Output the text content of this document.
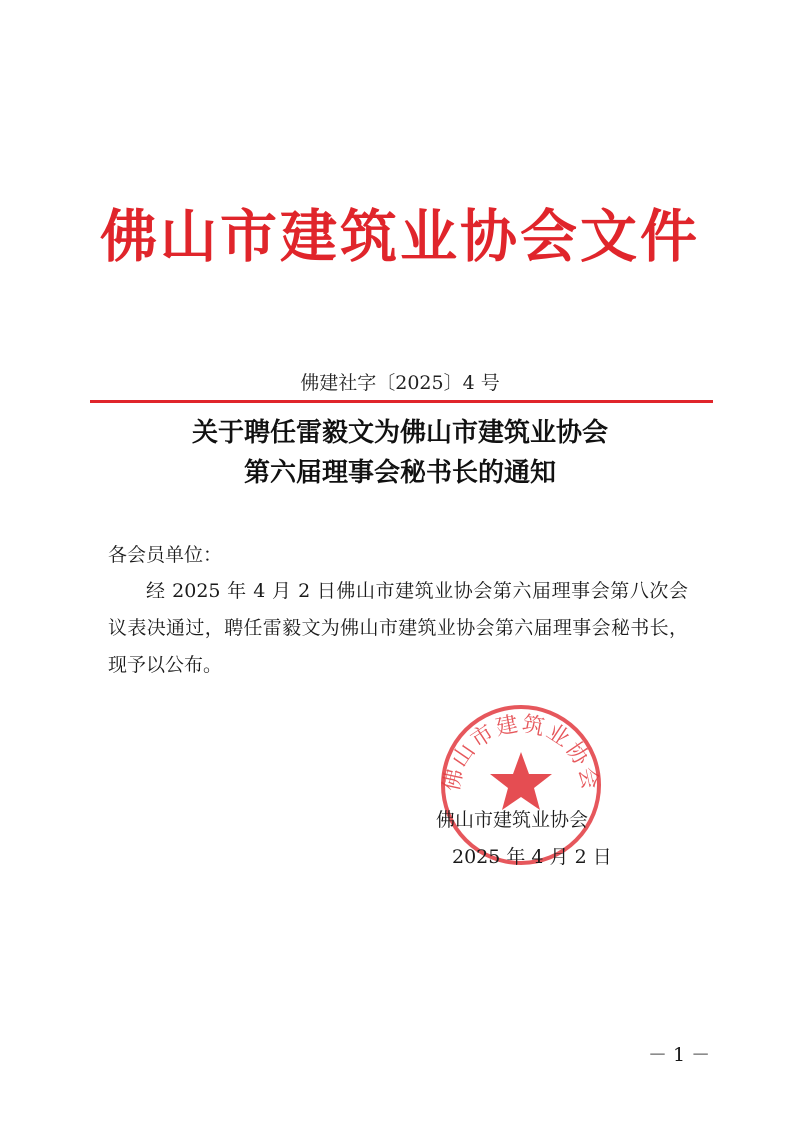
佛山市建筑业协会文件
佛建社字〔2025〕4 号
关于聘任雷毅文为佛山市建筑业协会
第六届理事会秘书长的通知
各会员单位：
经 2025 年 4 月 2 日佛山市建筑业协会第六届理事会第八次会议表决通过，聘任雷毅文为佛山市建筑业协会第六届理事会秘书长，现予以公布。
佛山市建筑业协会
佛山市建筑业协会
2025 年 4 月 2 日
－ 1 －
